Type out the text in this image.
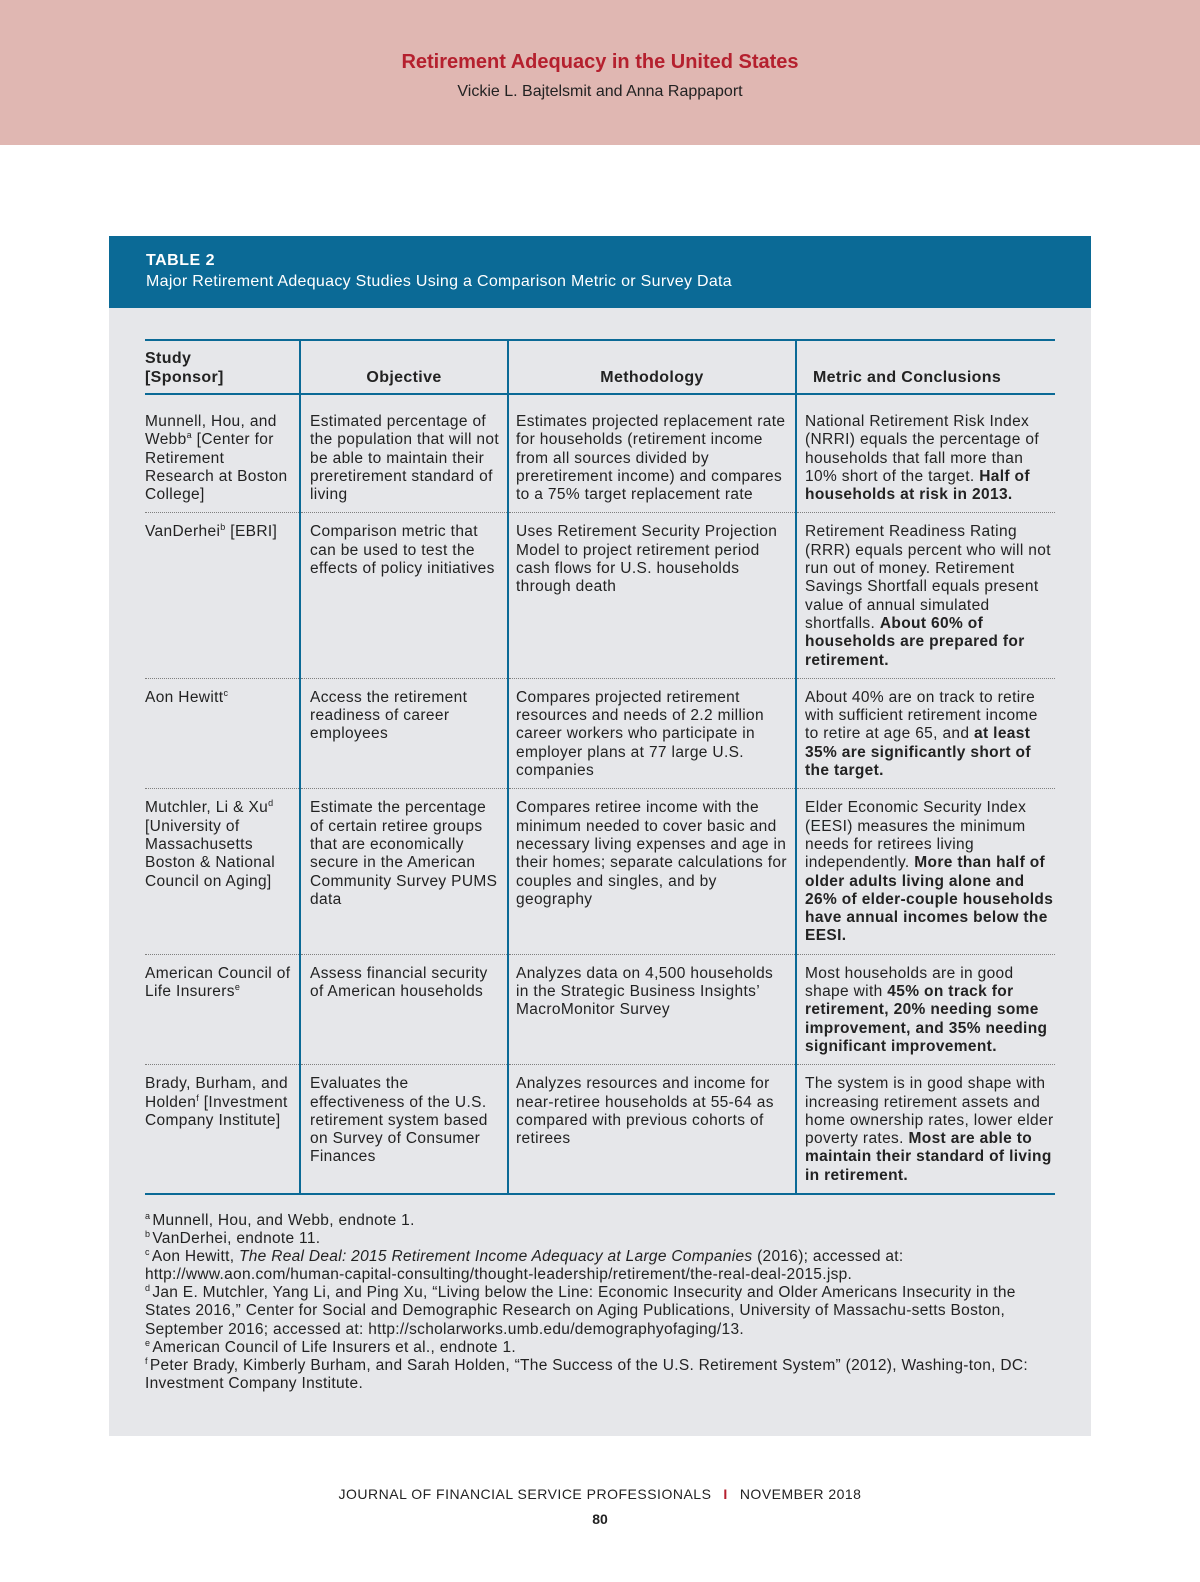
Retirement Adequacy in the United States
Vickie L. Bajtelsmit and Anna Rappaport
TABLE 2
Major Retirement Adequacy Studies Using a Comparison Metric or Survey Data
Study [Sponsor]	Objective	Methodology	Metric and Conclusions
Munnell, Hou, and Webb$^a$ [Center for Retirement Research at Boston College]	Estimated percentage of the population that will not be able to maintain their preretirement standard of living	Estimates projected replacement rate for households (retirement income from all sources divided by preretirement income) and compares to a 75% target replacement rate	National Retirement Risk Index (NRRI) equals the percentage of households that fall more than 10% short of the target. Half of households at risk in 2013.
VanDerhei$^b$ [EBRI]	Comparison metric that can be used to test the effects of policy initiatives	Uses Retirement Security Projection Model to project retirement period cash flows for U.S. households through death	Retirement Readiness Rating (RRR) equals percent who will not run out of money. Retirement Savings Shortfall equals present value of annual simulated shortfalls. About 60% of households are prepared for retirement.
Aon Hewitt$^c$	Access the retirement readiness of career employees	Compares projected retirement resources and needs of 2.2 million career workers who participate in employer plans at 77 large U.S. companies	About 40% are on track to retire with sufficient retirement income to retire at age 65, and at least 35% are significantly short of the target.
Mutchler, Li & Xu$^d$ [University of Massachusetts Boston & National Council on Aging]	Estimate the percentage of certain retiree groups that are economically secure in the American Community Survey PUMS data	Compares retiree income with the minimum needed to cover basic and necessary living expenses and age in their homes; separate calculations for couples and singles, and by geography	Elder Economic Security Index (EESI) measures the minimum needs for retirees living independently. More than half of older adults living alone and 26% of elder-couple households have annual incomes below the EESI.
American Council of Life Insurers$^e$	Assess financial security of American households	Analyzes data on 4,500 households in the Strategic Business Insights’ MacroMonitor Survey	Most households are in good shape with 45% on track for retirement, 20% needing some improvement, and 35% needing significant improvement.
Brady, Burham, and Holden$^f$ [Investment Company Institute]	Evaluates the effectiveness of the U.S. retirement system based on Survey of Consumer Finances	Analyzes resources and income for near-retiree households at 55-64 as compared with previous cohorts of retirees	The system is in good shape with increasing retirement assets and home ownership rates, lower elder poverty rates. Most are able to maintain their standard of living in retirement.
$^a$ Munnell, Hou, and Webb, endnote 1.
$^b$ VanDerhei, endnote 11.
$^c$ Aon Hewitt, The Real Deal: 2015 Retirement Income Adequacy at Large Companies (2016); accessed at: http://www.aon.com/human-capital-consulting/thought-leadership/retirement/the-real-deal-2015.jsp.
$^d$ Jan E. Mutchler, Yang Li, and Ping Xu, “Living below the Line: Economic Insecurity and Older Americans Insecurity in the States 2016,” Center for Social and Demographic Research on Aging Publications, University of Massachu-setts Boston, September 2016; accessed at: http://scholarworks.umb.edu/demographyofaging/13.
$^e$ American Council of Life Insurers et al., endnote 1.
$^f$ Peter Brady, Kimberly Burham, and Sarah Holden, “The Success of the U.S. Retirement System” (2012), Washing-ton, DC: Investment Company Institute.
JOURNAL OF FINANCIAL SERVICE PROFESSIONALS I NOVEMBER 2018
80
